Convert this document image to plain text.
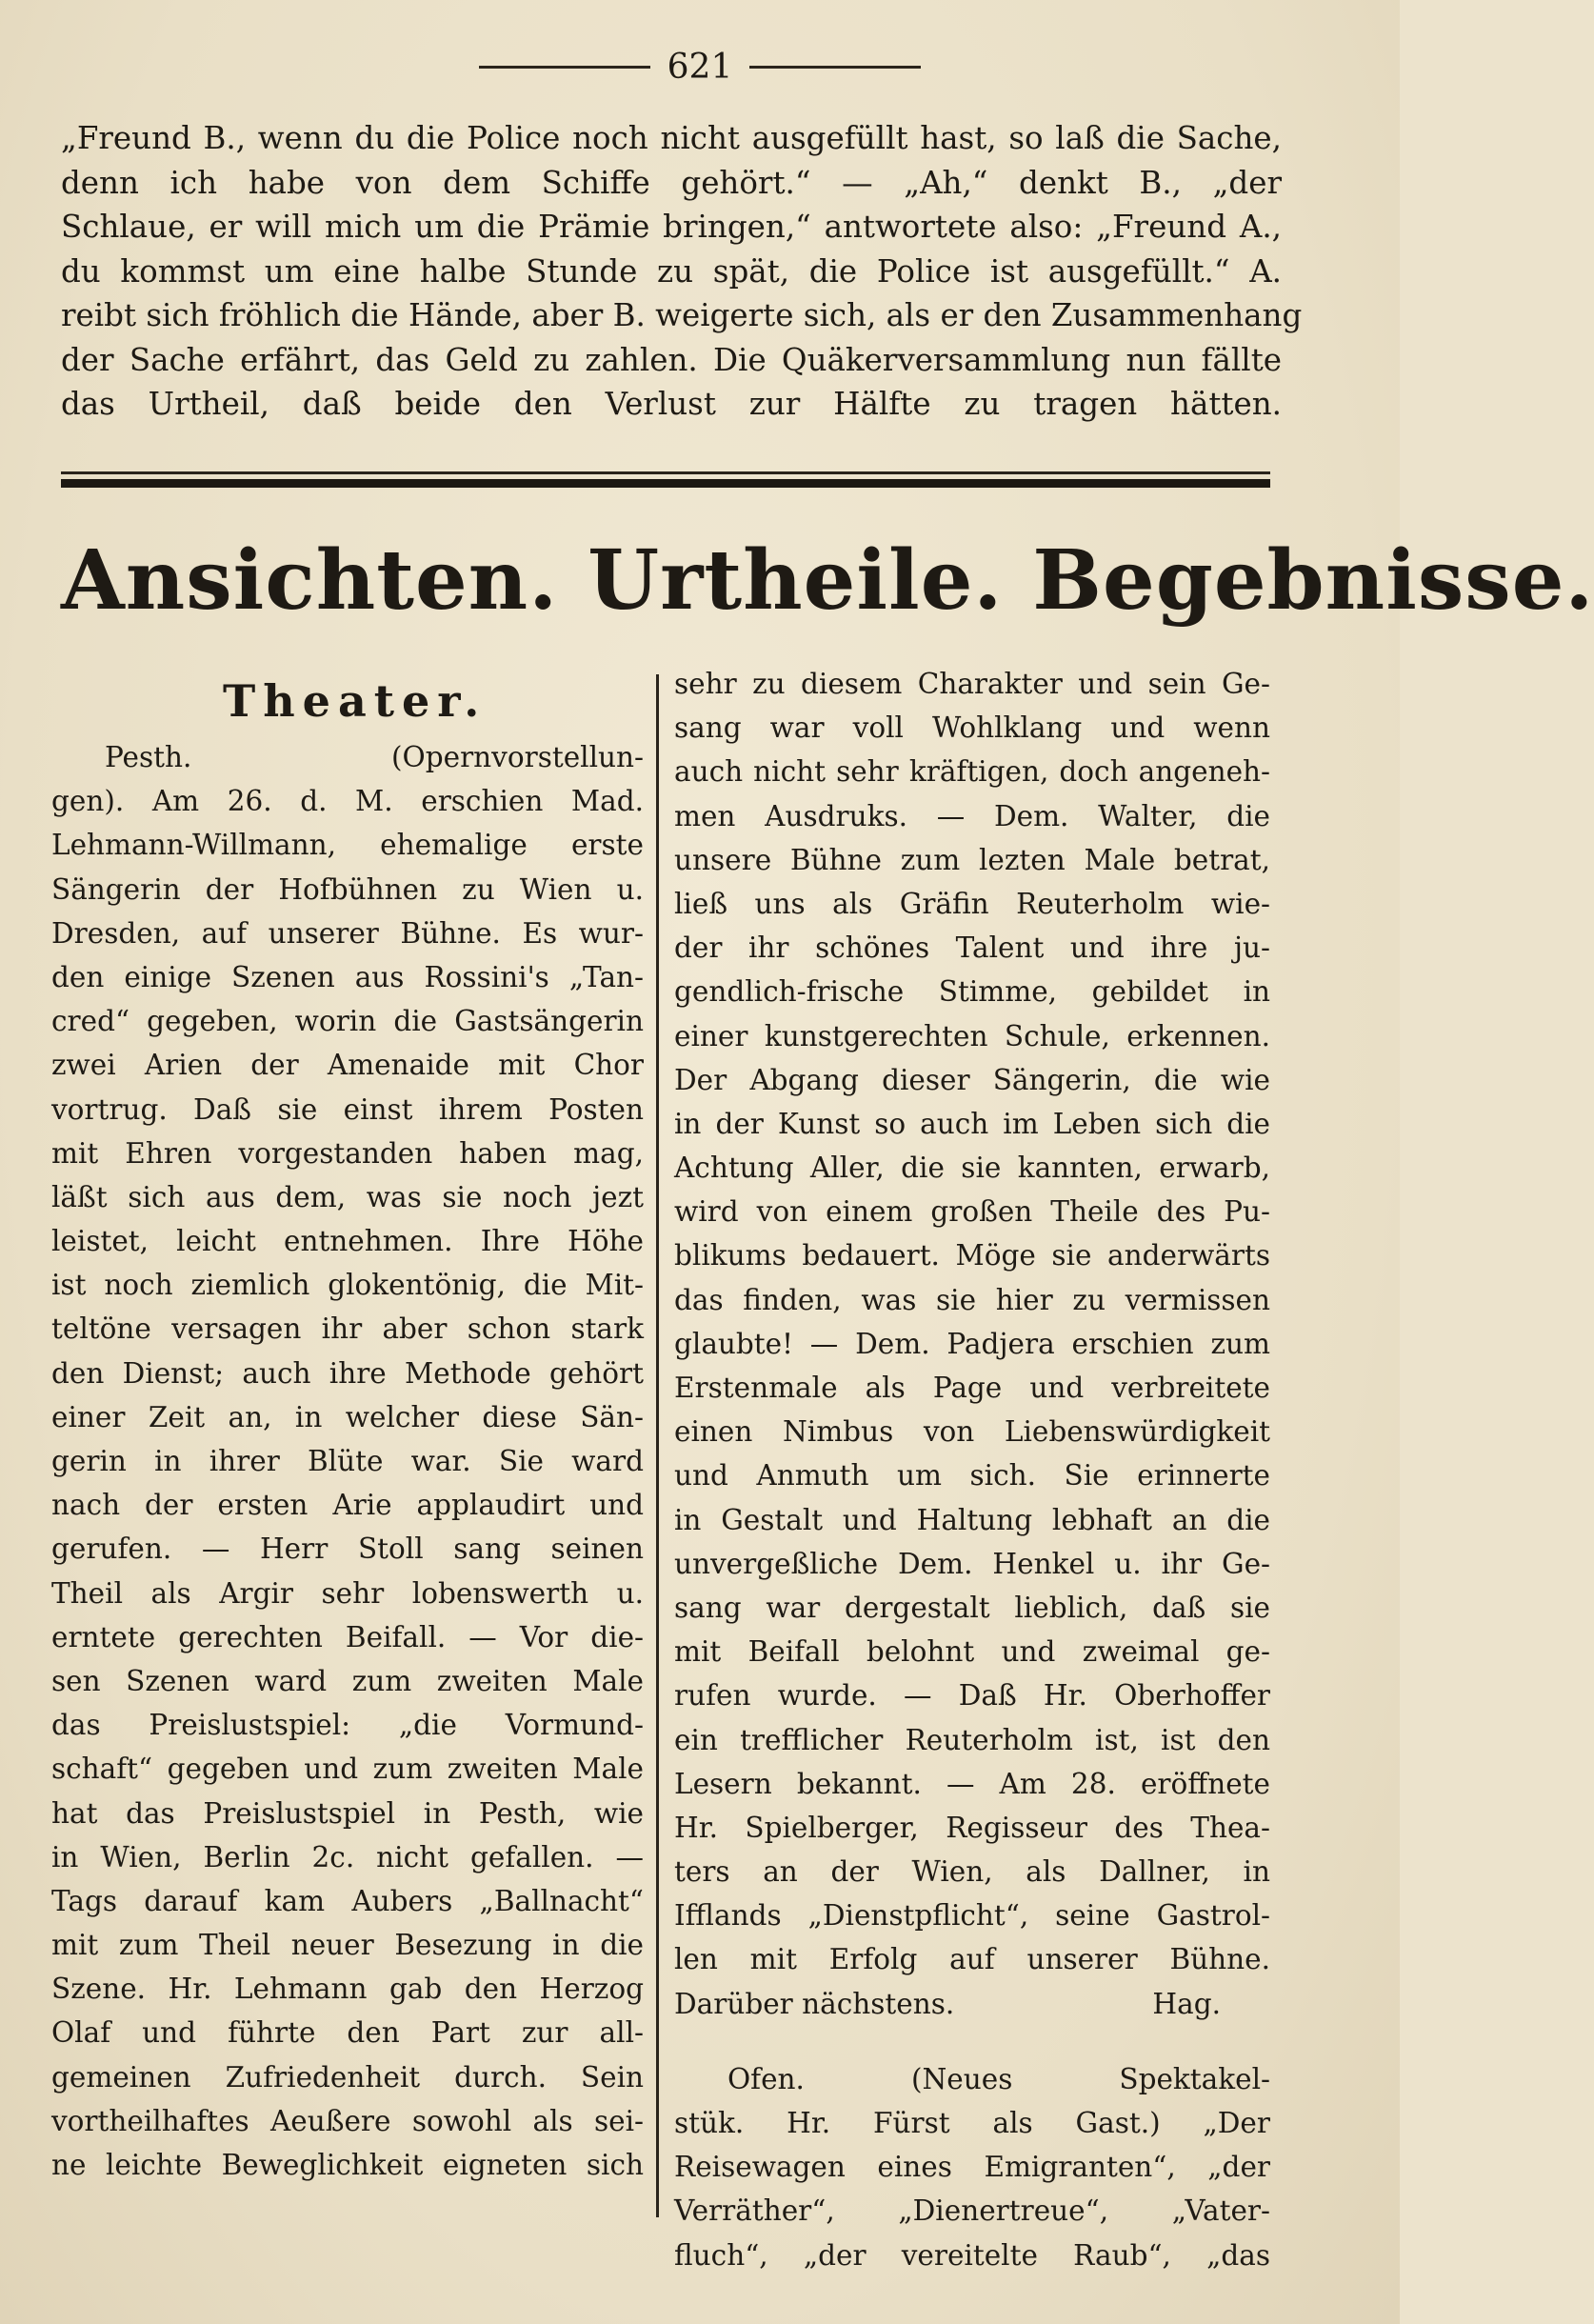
621
„Freund B., wenn du die Police noch nicht ausgefüllt hast, so laß die Sache,
denn ich habe von dem Schiffe gehört.“ — „Ah,“ denkt B., „der
Schlaue, er will mich um die Prämie bringen,“ antwortete also: „Freund A.,
du kommst um eine halbe Stunde zu spät, die Police ist ausgefüllt.“ A.
reibt sich fröhlich die Hände, aber B. weigerte sich, als er den Zusammenhang
der Sache erfährt, das Geld zu zahlen. Die Quäkerversammlung nun fällte
das Urtheil, daß beide den Verlust zur Hälfte zu tragen hätten.
Ansichten. Urtheile. Begebnisse.
Theater.
Pesth. (Opernvorstellun-
gen). Am 26. d. M. erschien Mad.
Lehmann-Willmann, ehemalige erste
Sängerin der Hofbühnen zu Wien u.
Dresden, auf unserer Bühne. Es wur-
den einige Szenen aus Rossini's „Tan-
cred“ gegeben, worin die Gastsängerin
zwei Arien der Amenaide mit Chor
vortrug. Daß sie einst ihrem Posten
mit Ehren vorgestanden haben mag,
läßt sich aus dem, was sie noch jezt
leistet, leicht entnehmen. Ihre Höhe
ist noch ziemlich glokentönig, die Mit-
teltöne versagen ihr aber schon stark
den Dienst; auch ihre Methode gehört
einer Zeit an, in welcher diese Sän-
gerin in ihrer Blüte war. Sie ward
nach der ersten Arie applaudirt und
gerufen. — Herr Stoll sang seinen
Theil als Argir sehr lobenswerth u.
erntete gerechten Beifall. — Vor die-
sen Szenen ward zum zweiten Male
das Preislustspiel: „die Vormund-
schaft“ gegeben und zum zweiten Male
hat das Preislustspiel in Pesth, wie
in Wien, Berlin 2c. nicht gefallen. —
Tags darauf kam Aubers „Ballnacht“
mit zum Theil neuer Besezung in die
Szene. Hr. Lehmann gab den Herzog
Olaf und führte den Part zur all-
gemeinen Zufriedenheit durch. Sein
vortheilhaftes Aeußere sowohl als sei-
ne leichte Beweglichkeit eigneten sich
sehr zu diesem Charakter und sein Ge-
sang war voll Wohlklang und wenn
auch nicht sehr kräftigen, doch angeneh-
men Ausdruks. — Dem. Walter, die
unsere Bühne zum lezten Male betrat,
ließ uns als Gräfin Reuterholm wie-
der ihr schönes Talent und ihre ju-
gendlich-frische Stimme, gebildet in
einer kunstgerechten Schule, erkennen.
Der Abgang dieser Sängerin, die wie
in der Kunst so auch im Leben sich die
Achtung Aller, die sie kannten, erwarb,
wird von einem großen Theile des Pu-
blikums bedauert. Möge sie anderwärts
das finden, was sie hier zu vermissen
glaubte! — Dem. Padjera erschien zum
Erstenmale als Page und verbreitete
einen Nimbus von Liebenswürdigkeit
und Anmuth um sich. Sie erinnerte
in Gestalt und Haltung lebhaft an die
unvergeßliche Dem. Henkel u. ihr Ge-
sang war dergestalt lieblich, daß sie
mit Beifall belohnt und zweimal ge-
rufen wurde. — Daß Hr. Oberhoffer
ein trefflicher Reuterholm ist, ist den
Lesern bekannt. — Am 28. eröffnete
Hr. Spielberger, Regisseur des Thea-
ters an der Wien, als Dallner, in
Ifflands „Dienstpflicht“, seine Gastrol-
len mit Erfolg auf unserer Bühne.
Darüber nächstens.	Hag.
Ofen. (Neues Spektakel-
stük. Hr. Fürst als Gast.) „Der
Reisewagen eines Emigranten“, „der
Verräther“, „Dienertreue“, „Vater-
fluch“, „der vereitelte Raub“, „das
